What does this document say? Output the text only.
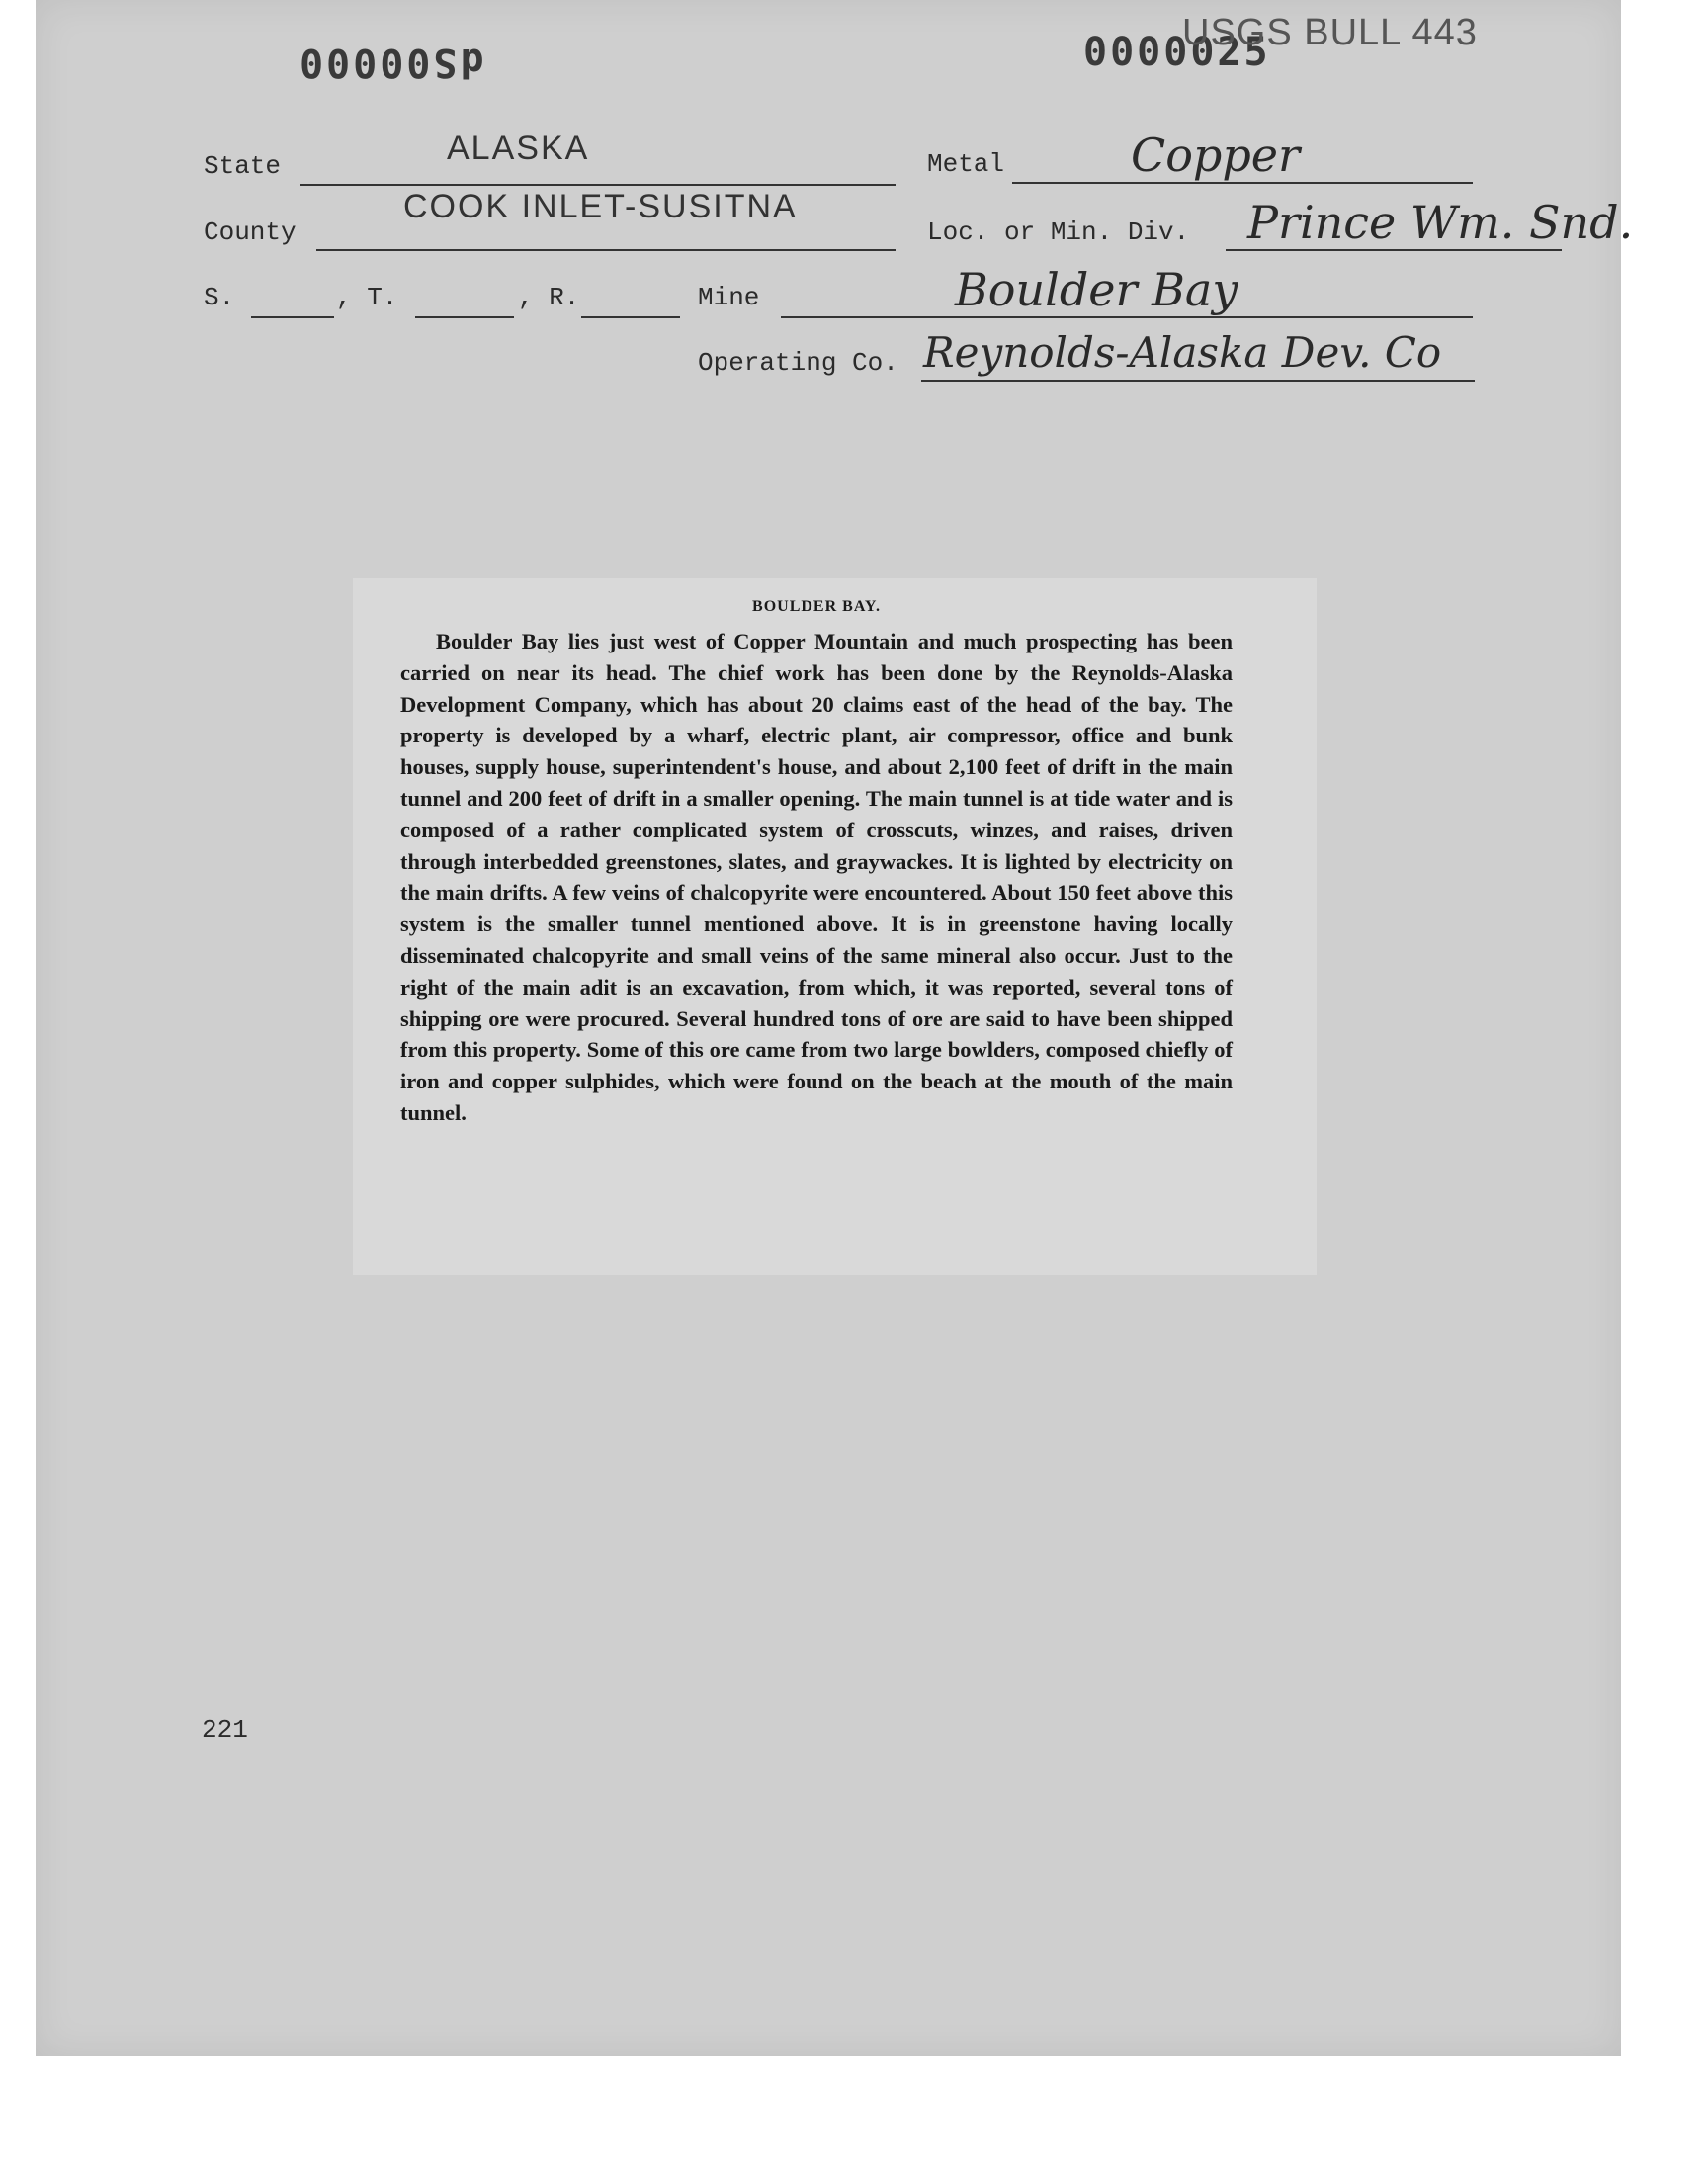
dS00000	0000025
USGS BULL 443
State	ALASKA
County
COOK INLET-SUSITNA
S.	, T.	, R.	Mine	Boulder Bay
Metal	Copper
Loc. or Min. Div. Prince Wm. Snd.
Operating Co. Reynolds-Alaska Dev. Co
BOULDER BAY.

Boulder Bay lies just west of Copper Mountain and much prospecting has been carried on near its head. The chief work has been done by the Reynolds-Alaska Development Company, which has about 20 claims east of the head of the bay. The property is developed by a wharf, electric plant, air compressor, office and bunk houses, supply house, superintendent's house, and about 2,100 feet of drift in the main tunnel and 200 feet of drift in a smaller opening. The main tunnel is at tide water and is composed of a rather complicated system of crosscuts, winzes, and raises, driven through interbedded greenstones, slates, and graywackes. It is lighted by electricity on the main drifts. A few veins of chalcopyrite were encountered. About 150 feet above this system is the smaller tunnel mentioned above. It is in greenstone having locally disseminated chalcopyrite and small veins of the same mineral also occur. Just to the right of the main adit is an excavation, from which, it was reported, several tons of shipping ore were procured. Several hundred tons of ore are said to have been shipped from this property. Some of this ore came from two large bowlders, composed chiefly of iron and copper sulphides, which were found on the beach at the mouth of the main tunnel.

221
